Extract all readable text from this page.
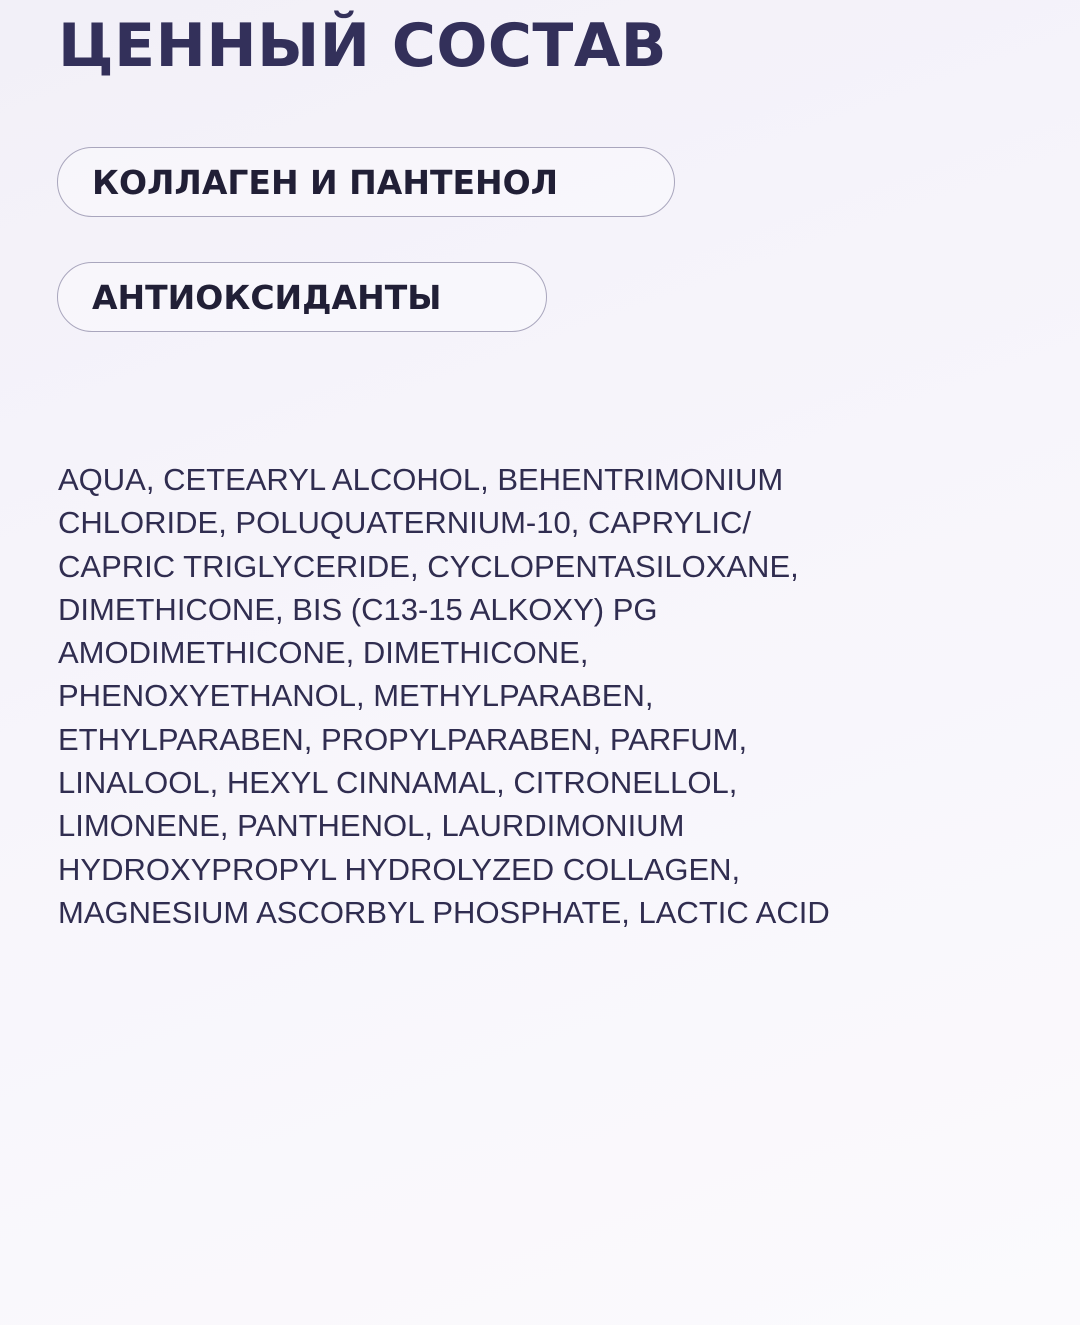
ЦЕННЫЙ СОСТАВ
КОЛЛАГЕН И ПАНТЕНОЛ
АНТИОКСИДАНТЫ

AQUA, CETEARYL ALCOHOL, BEHENTRIMONIUM
CHLORIDE, POLUQUATERNIUM-10, CAPRYLIC/
CAPRIC TRIGLYCERIDE, CYCLOPENTASILOXANE,
DIMETHICONE, BIS (C13-15 ALKOXY) PG
AMODIMETHICONE, DIMETHICONE,
PHENOXYETHANOL, METHYLPARABEN,
ETHYLPARABEN, PROPYLPARABEN, PARFUM,
LINALOOL, HEXYL CINNAMAL, CITRONELLOL,
LIMONENE, PANTHENOL, LAURDIMONIUM
HYDROXYPROPYL HYDROLYZED COLLAGEN,
MAGNESIUM ASCORBYL PHOSPHATE, LACTIC ACID
